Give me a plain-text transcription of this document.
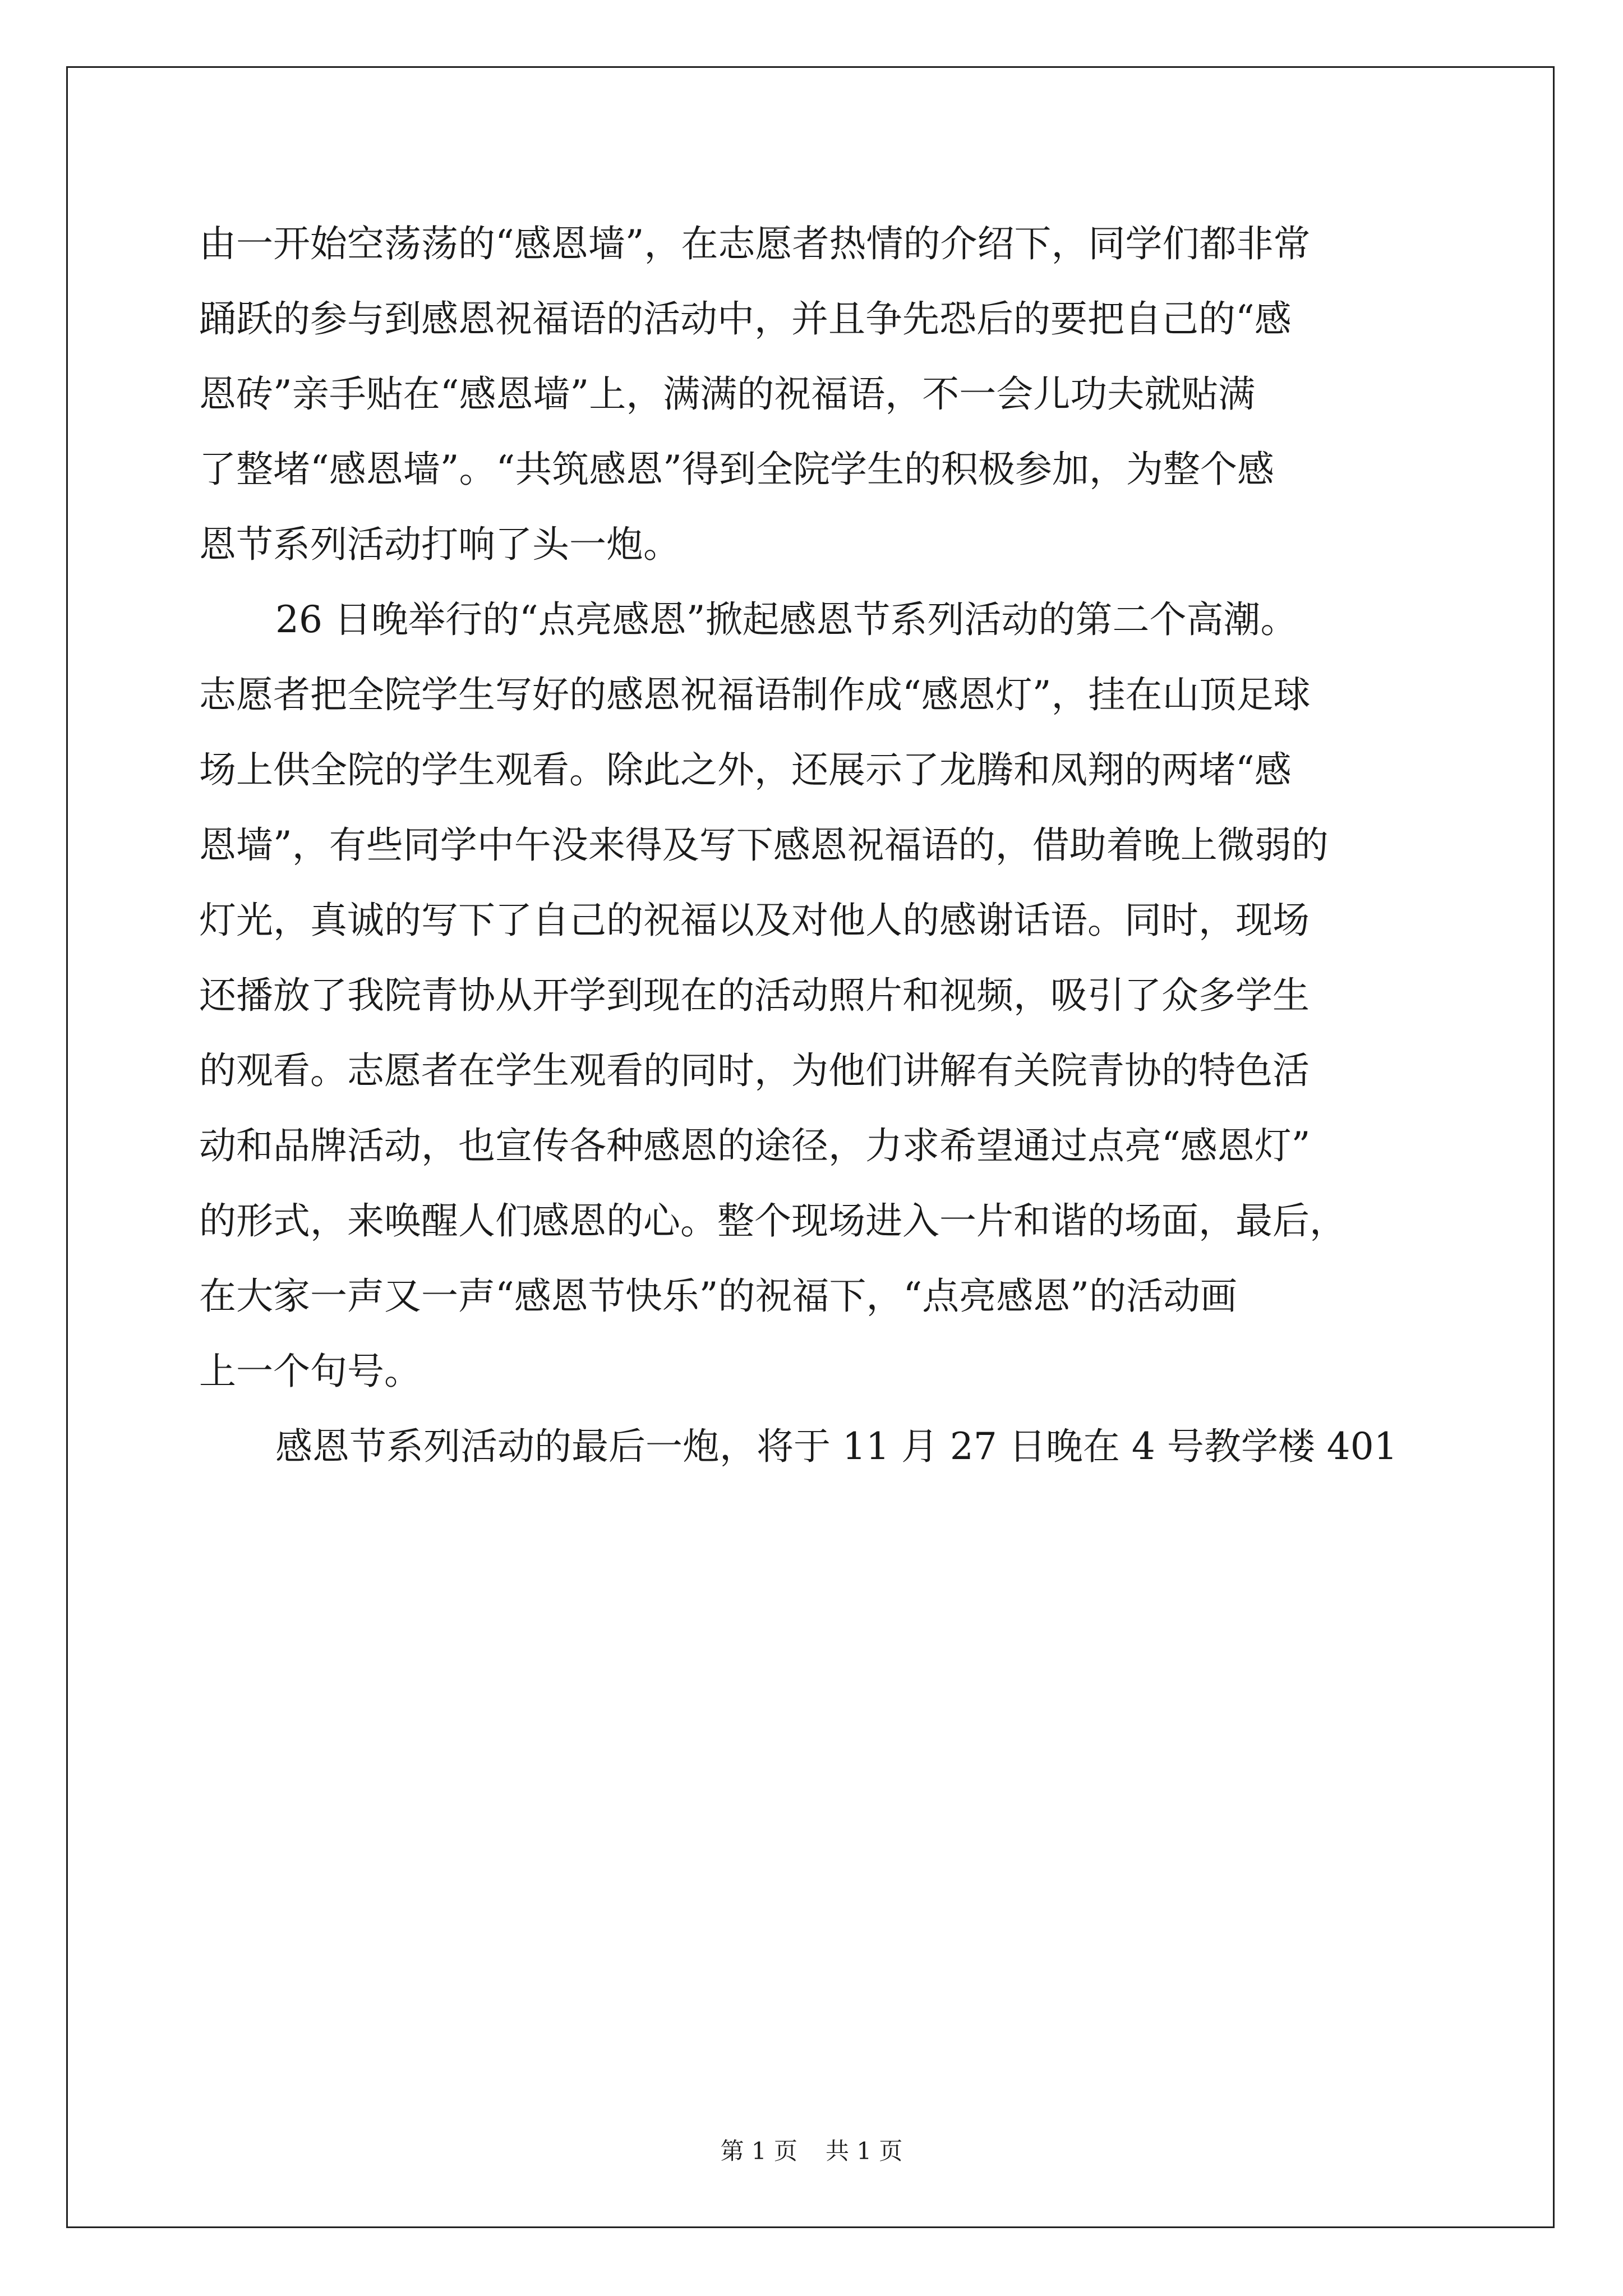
由一开始空荡荡的“感恩墙”，在志愿者热情的介绍下，同学们都非常
踊跃的参与到感恩祝福语的活动中，并且争先恐后的要把自己的“感
恩砖”亲手贴在“感恩墙”上，满满的祝福语，不一会儿功夫就贴满
了整堵“感恩墙”。“共筑感恩”得到全院学生的积极参加，为整个感
恩节系列活动打响了头一炮。
26 日晚举行的“点亮感恩”掀起感恩节系列活动的第二个高潮。
志愿者把全院学生写好的感恩祝福语制作成“感恩灯”，挂在山顶足球
场上供全院的学生观看。除此之外，还展示了龙腾和凤翔的两堵“感
恩墙”，有些同学中午没来得及写下感恩祝福语的，借助着晚上微弱的
灯光，真诚的写下了自己的祝福以及对他人的感谢话语。同时，现场
还播放了我院青协从开学到现在的活动照片和视频，吸引了众多学生
的观看。志愿者在学生观看的同时，为他们讲解有关院青协的特色活
动和品牌活动，也宣传各种感恩的途径，力求希望通过点亮“感恩灯”
的形式，来唤醒人们感恩的心。整个现场进入一片和谐的场面，最后，
在大家一声又一声“感恩节快乐”的祝福下，“点亮感恩”的活动画
上一个句号。
感恩节系列活动的最后一炮，将于 11 月 27 日晚在 4 号教学楼 401
第 1 页 共 1 页
